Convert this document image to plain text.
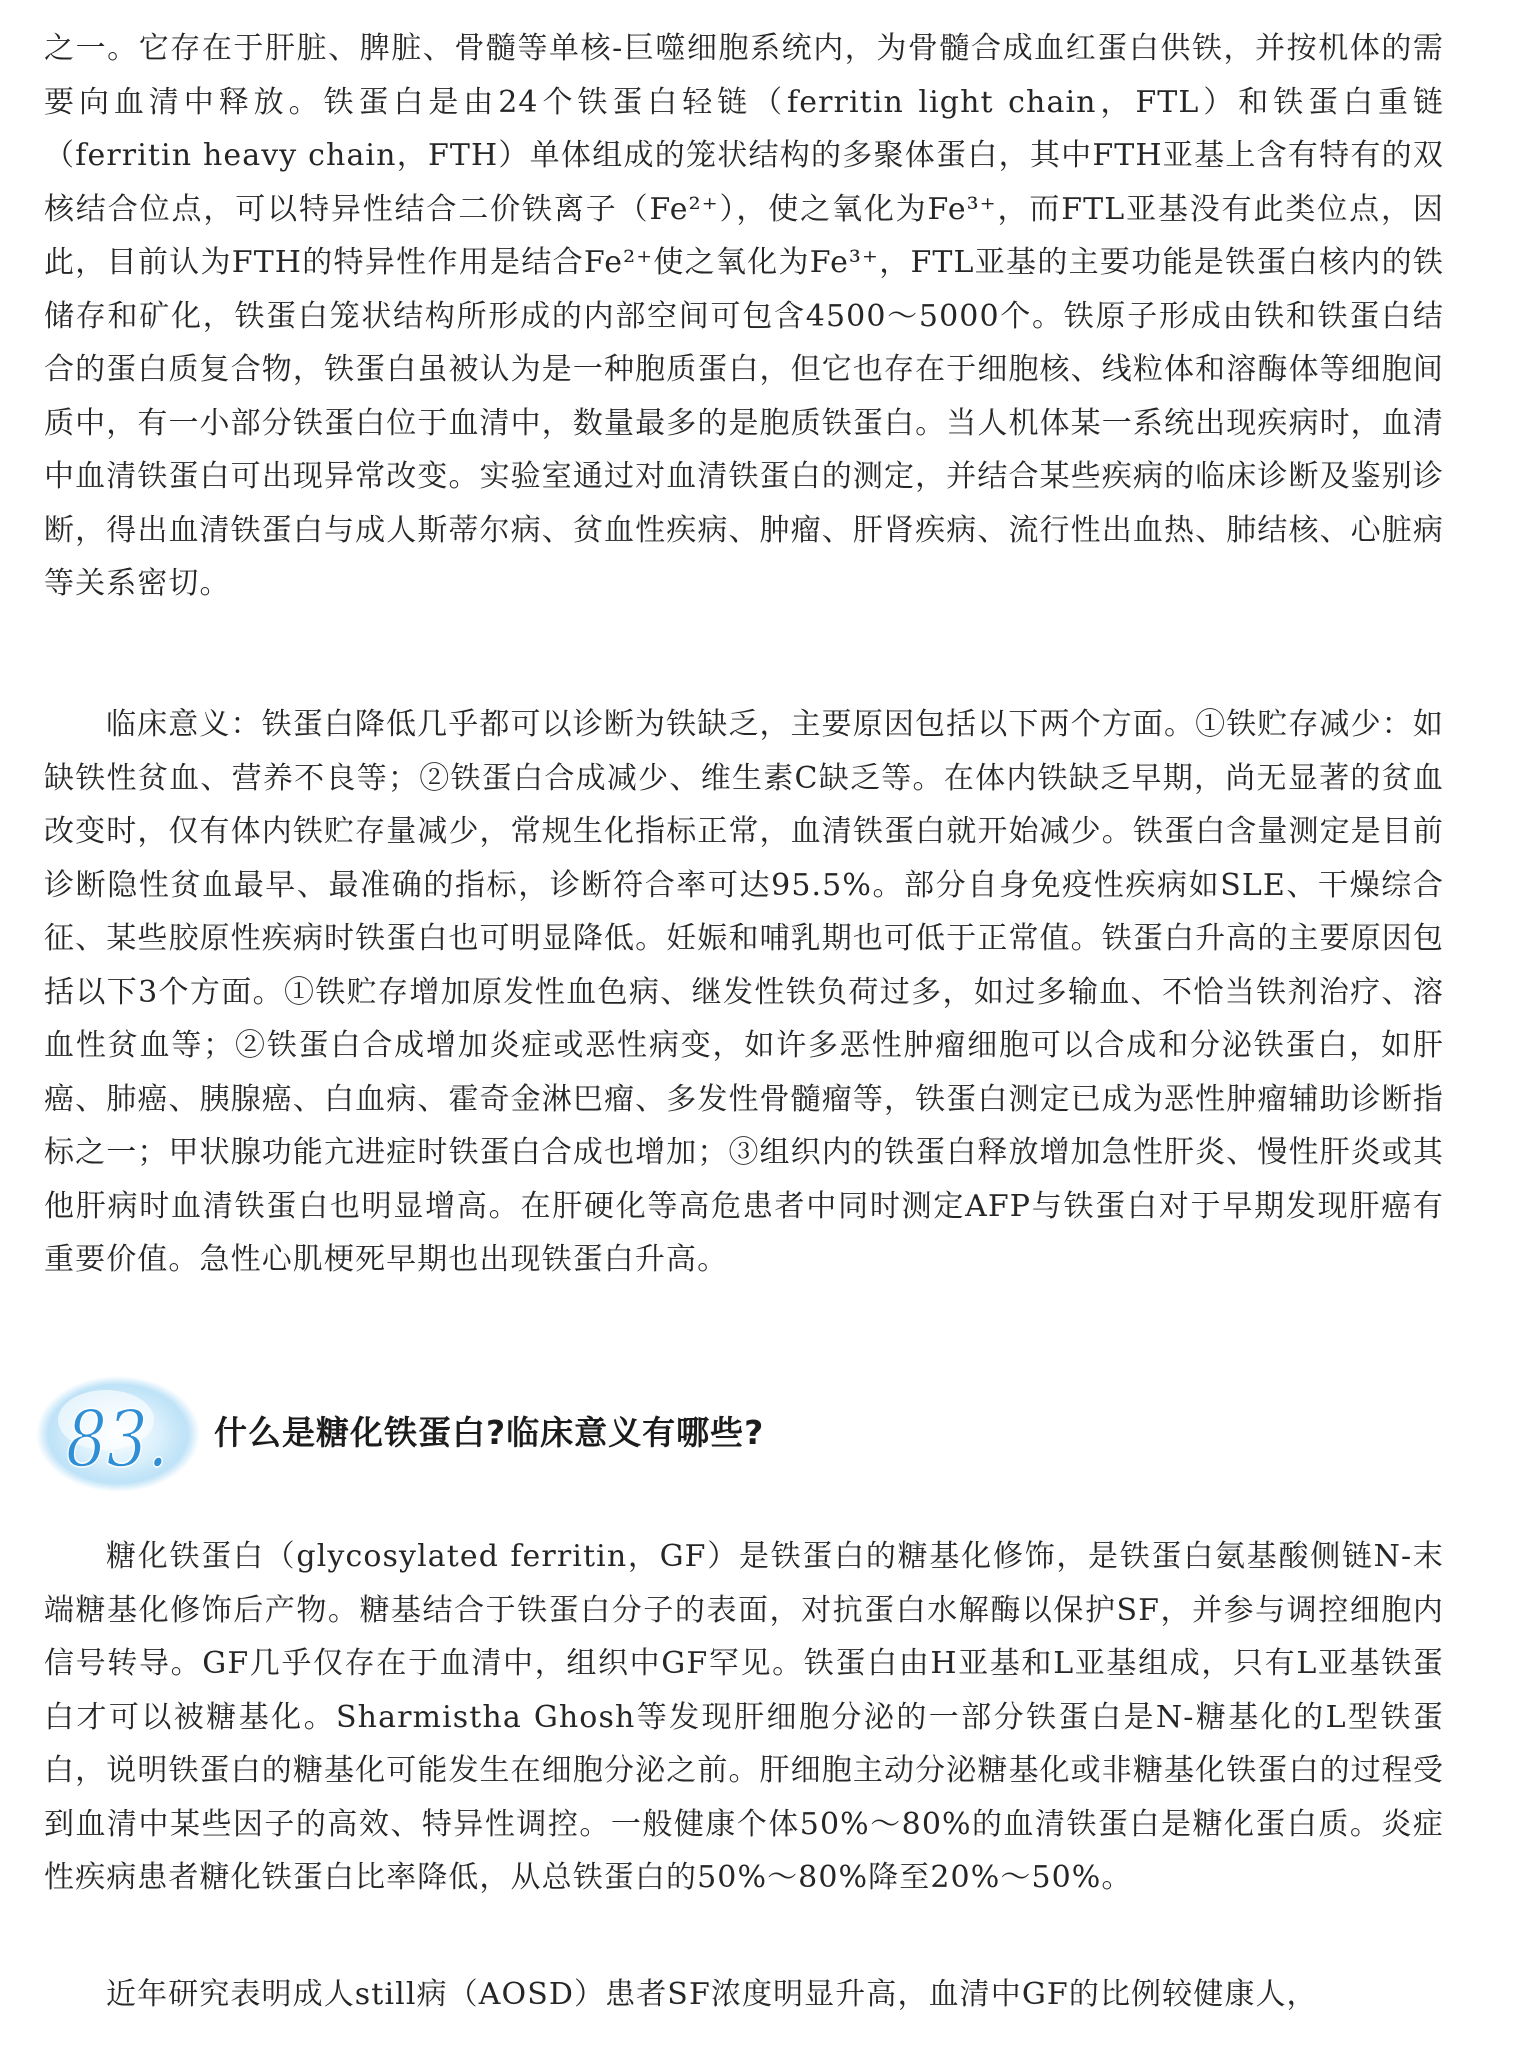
之一。它存在于肝脏、脾脏、骨髓等单核-巨噬细胞系统内，为骨髓合成血红蛋白供铁，并按机体的需要向血清中释放。铁蛋白是由24个铁蛋白轻链（ferritin light chain，FTL）和铁蛋白重链（ferritin heavy chain，FTH）单体组成的笼状结构的多聚体蛋白，其中FTH亚基上含有特有的双核结合位点，可以特异性结合二价铁离子（Fe²⁺），使之氧化为Fe³⁺，而FTL亚基没有此类位点，因此，目前认为FTH的特异性作用是结合Fe²⁺使之氧化为Fe³⁺，FTL亚基的主要功能是铁蛋白核内的铁储存和矿化，铁蛋白笼状结构所形成的内部空间可包含4500～5000个。铁原子形成由铁和铁蛋白结合的蛋白质复合物，铁蛋白虽被认为是一种胞质蛋白，但它也存在于细胞核、线粒体和溶酶体等细胞间质中，有一小部分铁蛋白位于血清中，数量最多的是胞质铁蛋白。当人机体某一系统出现疾病时，血清中血清铁蛋白可出现异常改变。实验室通过对血清铁蛋白的测定，并结合某些疾病的临床诊断及鉴别诊断，得出血清铁蛋白与成人斯蒂尔病、贫血性疾病、肿瘤、肝肾疾病、流行性出血热、肺结核、心脏病等关系密切。

临床意义：铁蛋白降低几乎都可以诊断为铁缺乏，主要原因包括以下两个方面。①铁贮存减少：如缺铁性贫血、营养不良等；②铁蛋白合成减少、维生素C缺乏等。在体内铁缺乏早期，尚无显著的贫血改变时，仅有体内铁贮存量减少，常规生化指标正常，血清铁蛋白就开始减少。铁蛋白含量测定是目前诊断隐性贫血最早、最准确的指标，诊断符合率可达95.5%。部分自身免疫性疾病如SLE、干燥综合征、某些胶原性疾病时铁蛋白也可明显降低。妊娠和哺乳期也可低于正常值。铁蛋白升高的主要原因包括以下3个方面。①铁贮存增加原发性血色病、继发性铁负荷过多，如过多输血、不恰当铁剂治疗、溶血性贫血等；②铁蛋白合成增加炎症或恶性病变，如许多恶性肿瘤细胞可以合成和分泌铁蛋白，如肝癌、肺癌、胰腺癌、白血病、霍奇金淋巴瘤、多发性骨髓瘤等，铁蛋白测定已成为恶性肿瘤辅助诊断指标之一；甲状腺功能亢进症时铁蛋白合成也增加；③组织内的铁蛋白释放增加急性肝炎、慢性肝炎或其他肝病时血清铁蛋白也明显增高。在肝硬化等高危患者中同时测定AFP与铁蛋白对于早期发现肝癌有重要价值。急性心肌梗死早期也出现铁蛋白升高。

83. 什么是糖化铁蛋白?临床意义有哪些?

糖化铁蛋白（glycosylated ferritin，GF）是铁蛋白的糖基化修饰，是铁蛋白氨基酸侧链N-末端糖基化修饰后产物。糖基结合于铁蛋白分子的表面，对抗蛋白水解酶以保护SF，并参与调控细胞内信号转导。GF几乎仅存在于血清中，组织中GF罕见。铁蛋白由H亚基和L亚基组成，只有L亚基铁蛋白才可以被糖基化。Sharmistha Ghosh等发现肝细胞分泌的一部分铁蛋白是N-糖基化的L型铁蛋白，说明铁蛋白的糖基化可能发生在细胞分泌之前。肝细胞主动分泌糖基化或非糖基化铁蛋白的过程受到血清中某些因子的高效、特异性调控。一般健康个体50%～80%的血清铁蛋白是糖化蛋白质。炎症性疾病患者糖化铁蛋白比率降低，从总铁蛋白的50%～80%降至20%～50%。

近年研究表明成人still病（AOSD）患者SF浓度明显升高，血清中GF的比例较健康人，
